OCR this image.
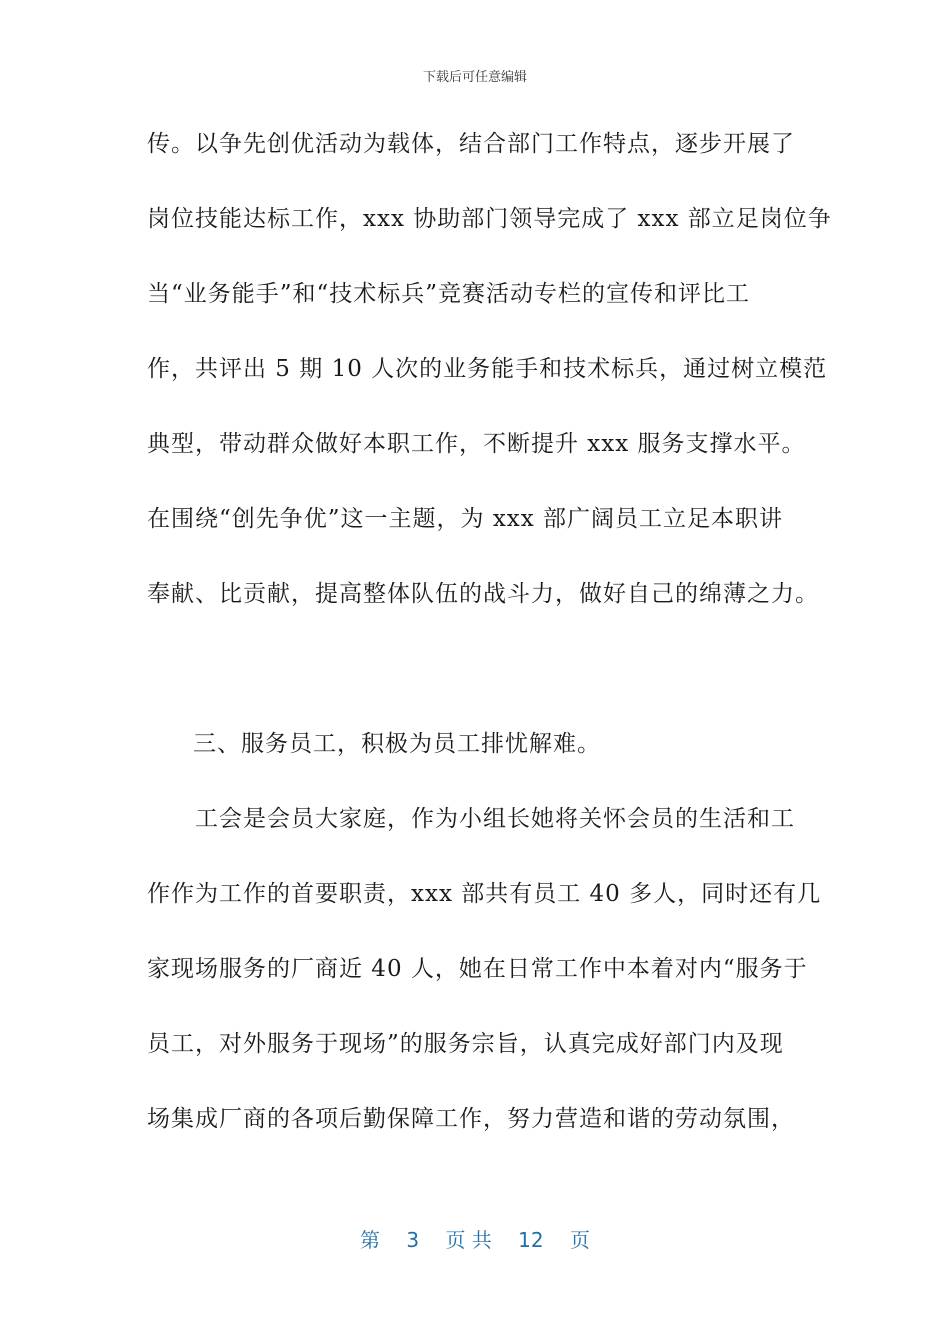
下载后可任意编辑
传。以争先创优活动为载体，结合部门工作特点，逐步开展了
岗位技能达标工作，xxx 协助部门领导完成了 xxx 部立足岗位争
当“业务能手”和“技术标兵”竞赛活动专栏的宣传和评比工
作，共评出 5 期 10 人次的业务能手和技术标兵，通过树立模范
典型，带动群众做好本职工作，不断提升 xxx 服务支撑水平。
在围绕“创先争优”这一主题，为 xxx 部广阔员工立足本职讲
奉献、比贡献，提高整体队伍的战斗力，做好自己的绵薄之力。
三、服务员工，积极为员工排忧解难。
　　工会是会员大家庭，作为小组长她将关怀会员的生活和工
作作为工作的首要职责，xxx 部共有员工 40 多人，同时还有几
家现场服务的厂商近 40 人，她在日常工作中本着对内“服务于
员工，对外服务于现场”的服务宗旨，认真完成好部门内及现
场集成厂商的各项后勤保障工作，努力营造和谐的劳动氛围，
第 3 页 共 12 页
